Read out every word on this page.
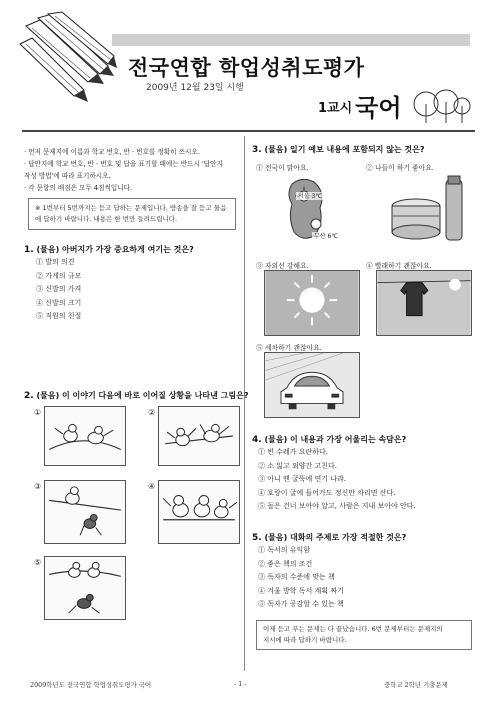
전국연합 학업성취도평가
2009년 12월 23일 시행
1교시 국어
· 먼저 문제지에 이름과 학교 번호, 반 · 번호를 정확히 쓰시오.
· 답안지에 학교 번호, 반 · 번호 및 답을 표기할 때에는 반드시 '답안지
작성 방법'에 따라 표기하시오.
· 각 문항의 배점은 모두 4점씩입니다.
※ 1번부터 5번까지는 듣고 답하는 문제입니다. 방송을 잘 듣고 물음
에 답하기 바랍니다. 내용은 한 번만 들려드립니다.
1. (물음) 아버지가 가장 중요하게 여기는 것은?
① 발의 의견
② 가게의 규모
③ 신발의 가격
④ 신발의 크기
⑤ 직원의 친절
2. (물음) 이 이야기 다음에 바로 이어질 상황을 나타낸 그림은?
①	②
③	④
⑤
3. (물음) 일기 예보 내용에 포함되지 않는 것은?
① 전국이 맑아요.
서울 3℃
부산 6℃
② 나들이 하기 좋아요.
③ 자외선 강해요.	④ 빨래하기 괜찮아요.
⑤ 세차하기 괜찮아요.
4. (물음) 이 내용과 가장 어울리는 속담은?
① 빈 수레가 요란하다.
② 소 잃고 외양간 고친다.
③ 아니 땐 굴뚝에 연기 나랴.
④ 호랑이 굴에 들어가도 정신만 차리면 산다.
⑤ 돌은 건너 보아야 알고, 사람은 지내 보아야 안다.
5. (물음) 대화의 주제로 가장 적절한 것은?
① 독서의 유익함
② 좋은 책의 조건
③ 독자의 수준에 맞는 책
④ 겨울 방학 독서 계획 짜기
⑤ 독자가 공감할 수 있는 책
이제 듣고 푸는 문제는 다 끝났습니다. 6번 문제부터는 문제지의
지시에 따라 답하기 바랍니다.
2009학년도 전국연합 학업성취도평가 국어	- 1 -	중학교 2학년 기출문제
